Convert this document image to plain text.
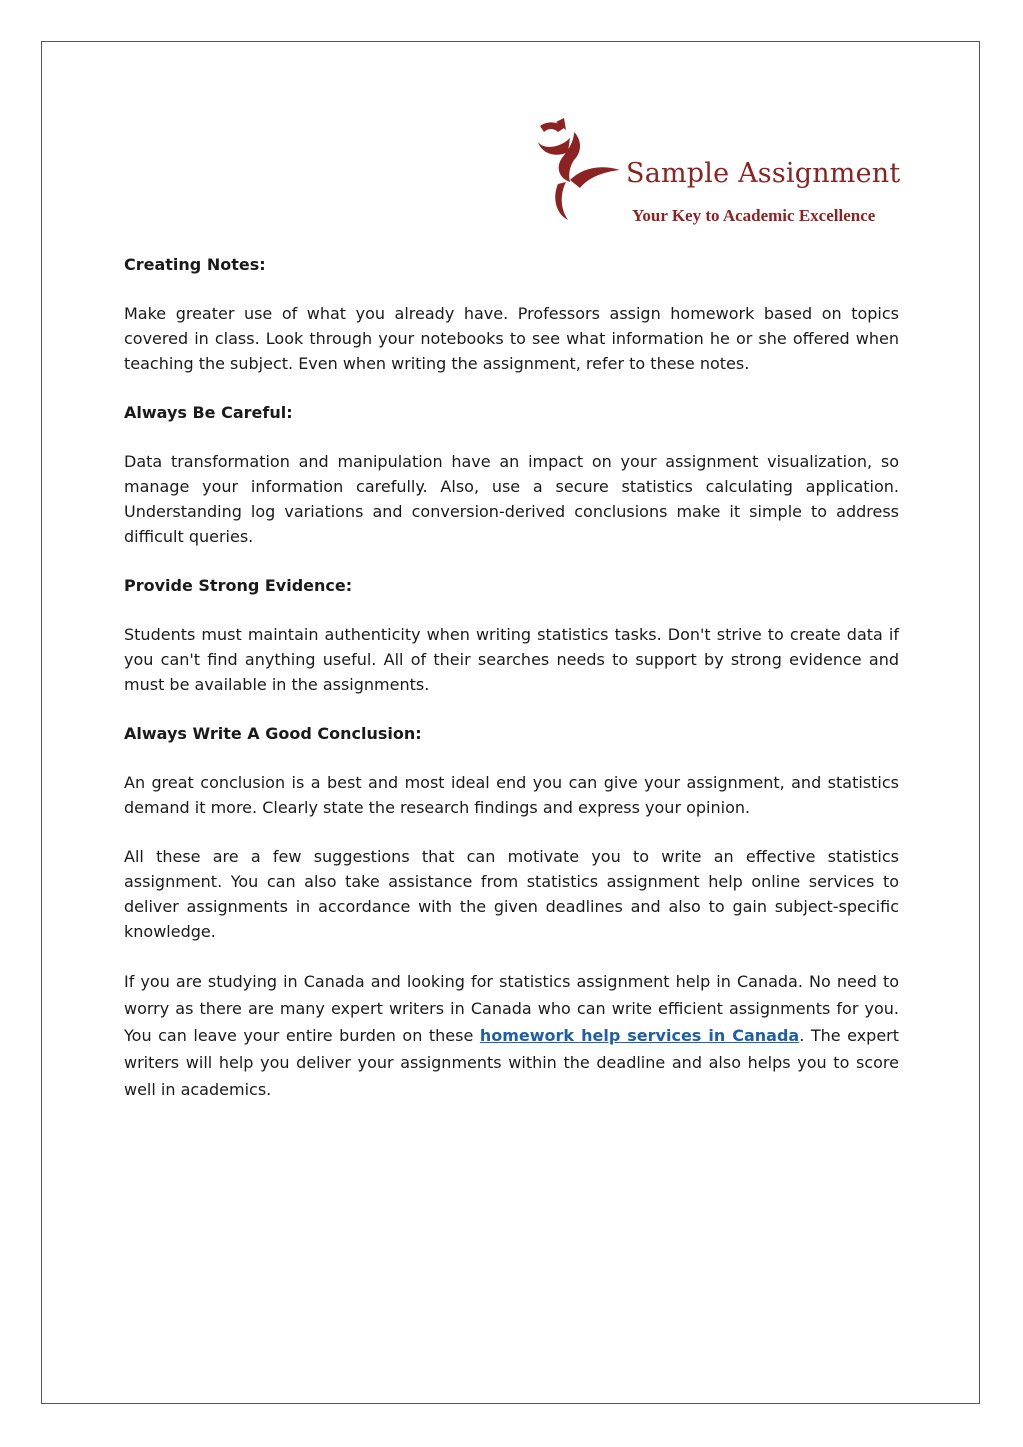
Sample Assignment
Your Key to Academic Excellence
Creating Notes:

Make greater use of what you already have. Professors assign homework based on topics covered in class. Look through your notebooks to see what information he or she offered when teaching the subject. Even when writing the assignment, refer to these notes.

Always Be Careful:

Data transformation and manipulation have an impact on your assignment visualization, so manage your information carefully. Also, use a secure statistics calculating application. Understanding log variations and conversion-derived conclusions make it simple to address difficult queries.

Provide Strong Evidence:

Students must maintain authenticity when writing statistics tasks. Don't strive to create data if you can't find anything useful. All of their searches needs to support by strong evidence and must be available in the assignments.

Always Write A Good Conclusion:

An great conclusion is a best and most ideal end you can give your assignment, and statistics demand it more. Clearly state the research findings and express your opinion.

All these are a few suggestions that can motivate you to write an effective statistics assignment. You can also take assistance from statistics assignment help online services to deliver assignments in accordance with the given deadlines and also to gain subject-specific knowledge.

If you are studying in Canada and looking for statistics assignment help in Canada. No need to worry as there are many expert writers in Canada who can write efficient assignments for you. You can leave your entire burden on these homework help services in Canada. The expert writers will help you deliver your assignments within the deadline and also helps you to score well in academics.
